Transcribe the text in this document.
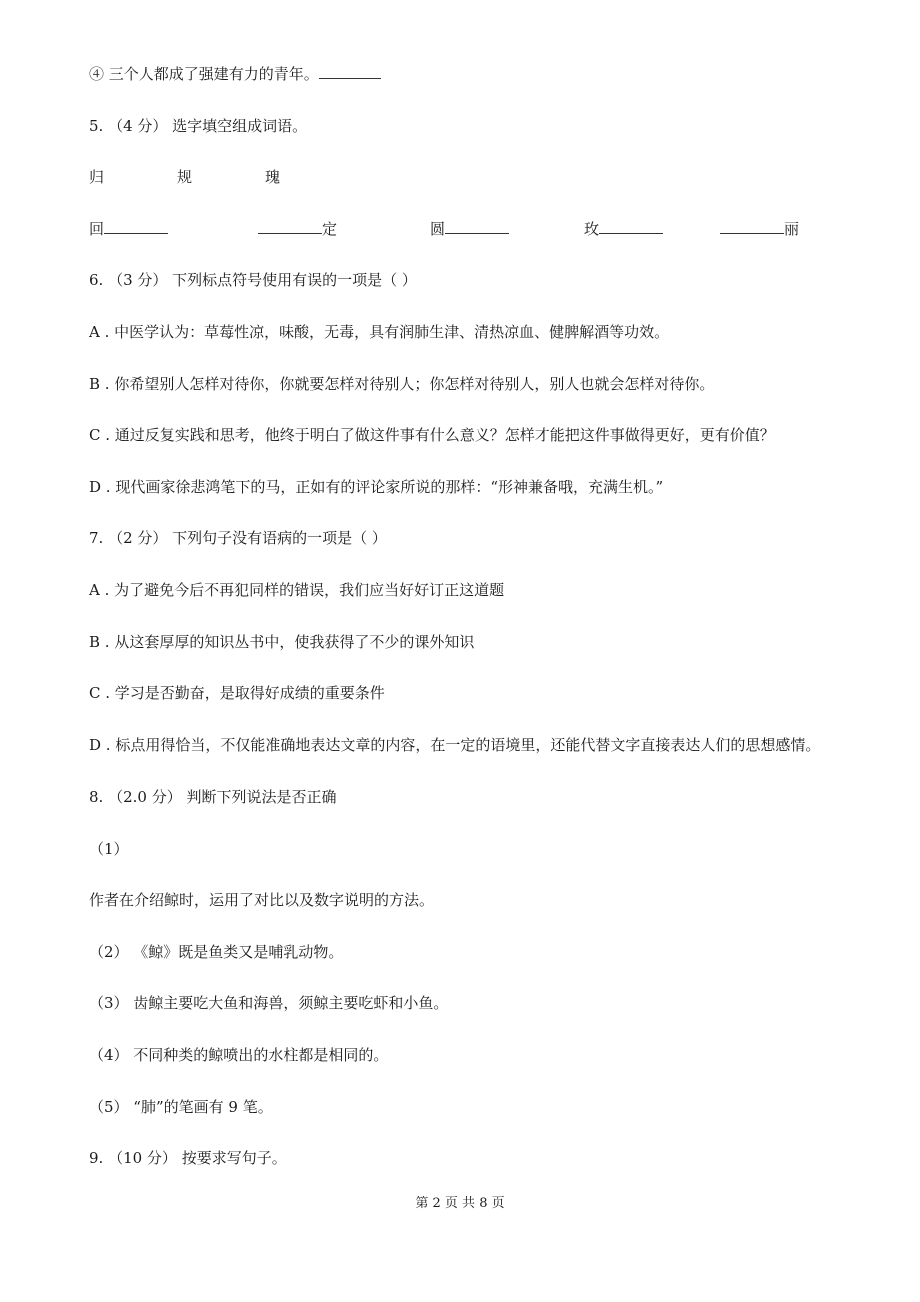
④ 三个人都成了强建有力的青年。
5. （4 分） 选字填空组成词语。
归	规	瑰
回	定	圆	玫	丽
6. （3 分） 下列标点符号使用有误的一项是（ ）
A . 中医学认为：草莓性凉，味酸，无毒，具有润肺生津、清热凉血、健脾解酒等功效。
B . 你希望别人怎样对待你，你就要怎样对待别人；你怎样对待别人，别人也就会怎样对待你。
C . 通过反复实践和思考，他终于明白了做这件事有什么意义？怎样才能把这件事做得更好，更有价值？
D . 现代画家徐悲鸿笔下的马，正如有的评论家所说的那样：“形神兼备哦，充满生机。”
7. （2 分） 下列句子没有语病的一项是（ ）
A . 为了避免今后不再犯同样的错误，我们应当好好订正这道题
B . 从这套厚厚的知识丛书中，使我获得了不少的课外知识
C . 学习是否勤奋，是取得好成绩的重要条件
D . 标点用得恰当，不仅能准确地表达文章的内容，在一定的语境里，还能代替文字直接表达人们的思想感情。
8. （2.0 分） 判断下列说法是否正确
（1）
作者在介绍鲸时，运用了对比以及数字说明的方法。
（2） 《鲸》既是鱼类又是哺乳动物。
（3） 齿鲸主要吃大鱼和海兽，须鲸主要吃虾和小鱼。
（4） 不同种类的鲸喷出的水柱都是相同的。
（5） “肺”的笔画有 9 笔。
9. （10 分） 按要求写句子。
第 2 页 共 8 页
